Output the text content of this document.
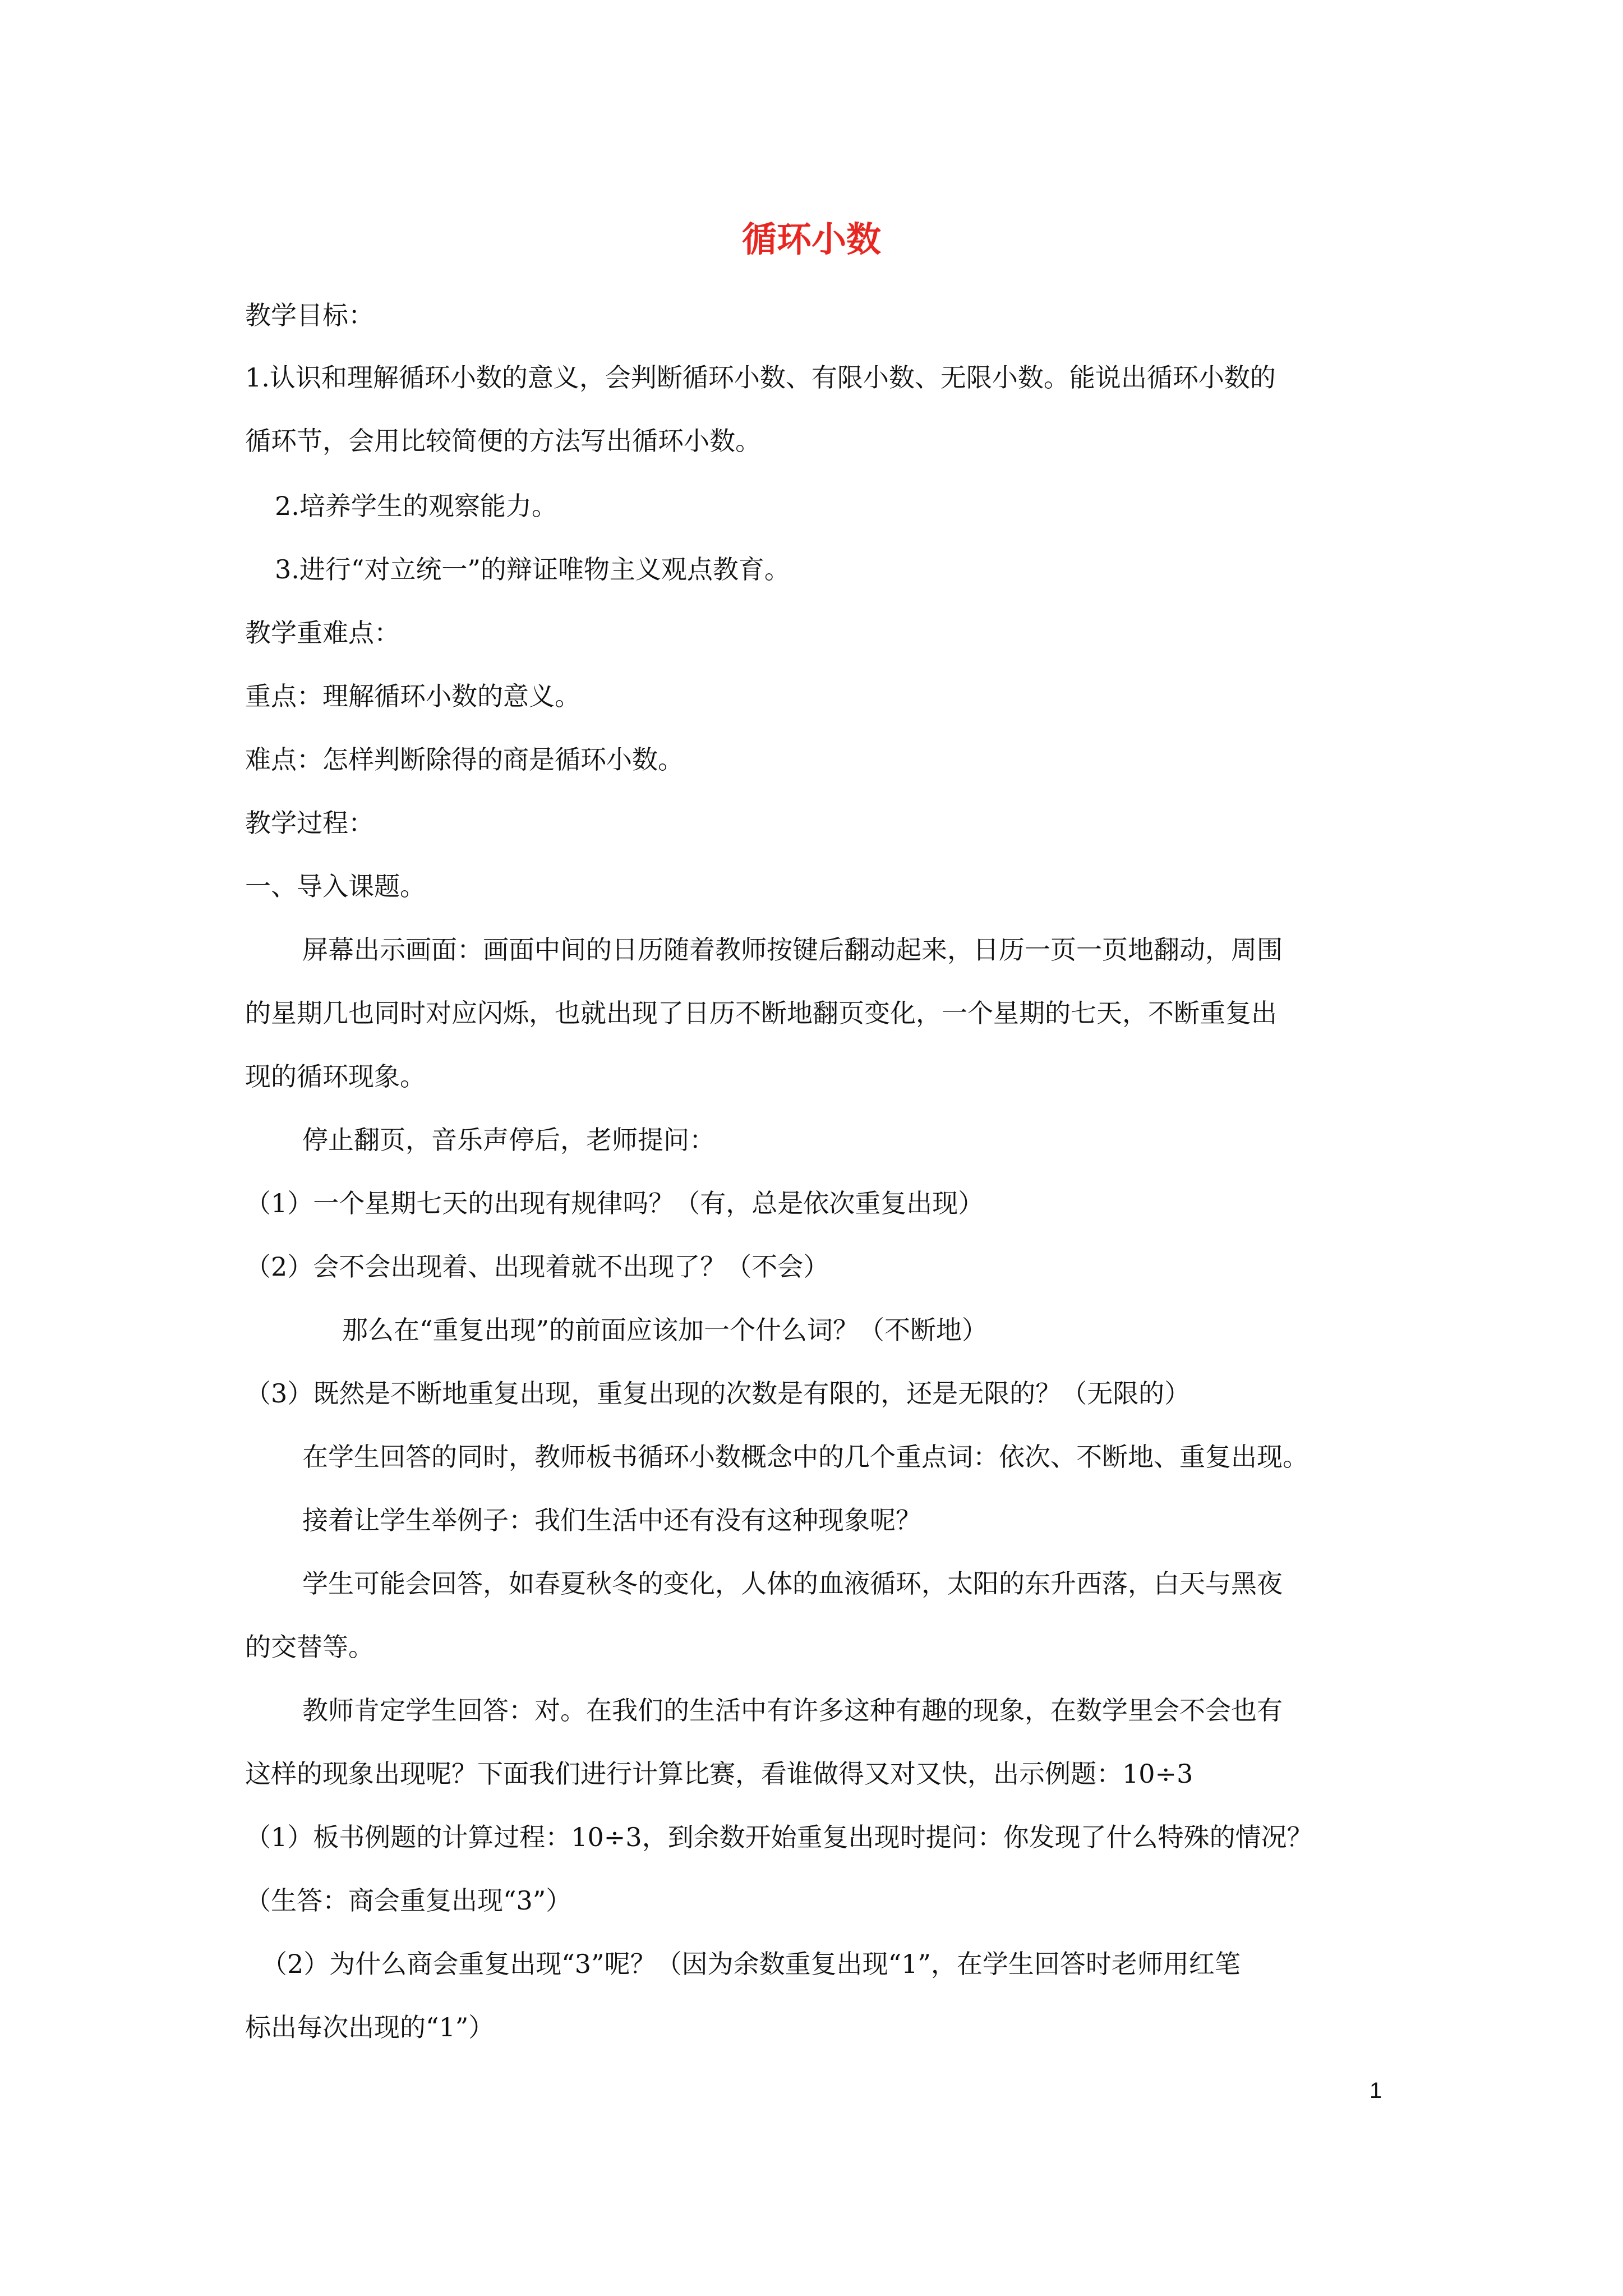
循环小数
教学目标：
1.认识和理解循环小数的意义，会判断循环小数、有限小数、无限小数。能说出循环小数的
循环节，会用比较简便的方法写出循环小数。
2.培养学生的观察能力。
3.进行“对立统一”的辩证唯物主义观点教育。
教学重难点：
重点：理解循环小数的意义。
难点：怎样判断除得的商是循环小数。
教学过程：
一、导入课题。
屏幕出示画面：画面中间的日历随着教师按键后翻动起来，日历一页一页地翻动，周围
的星期几也同时对应闪烁，也就出现了日历不断地翻页变化，一个星期的七天，不断重复出
现的循环现象。
停止翻页，音乐声停后，老师提问：
（1）一个星期七天的出现有规律吗？（有，总是依次重复出现）
（2）会不会出现着、出现着就不出现了？（不会）
那么在“重复出现”的前面应该加一个什么词？（不断地）
（3）既然是不断地重复出现，重复出现的次数是有限的，还是无限的？（无限的）
在学生回答的同时，教师板书循环小数概念中的几个重点词：依次、不断地、重复出现。
接着让学生举例子：我们生活中还有没有这种现象呢？
学生可能会回答，如春夏秋冬的变化，人体的血液循环，太阳的东升西落，白天与黑夜
的交替等。
教师肯定学生回答：对。在我们的生活中有许多这种有趣的现象，在数学里会不会也有
这样的现象出现呢？下面我们进行计算比赛，看谁做得又对又快，出示例题：10÷3
（1）板书例题的计算过程：10÷3，到余数开始重复出现时提问：你发现了什么特殊的情况？
（生答：商会重复出现“3”）
（2）为什么商会重复出现“3”呢？（因为余数重复出现“1”，在学生回答时老师用红笔
标出每次出现的“1”）
1
